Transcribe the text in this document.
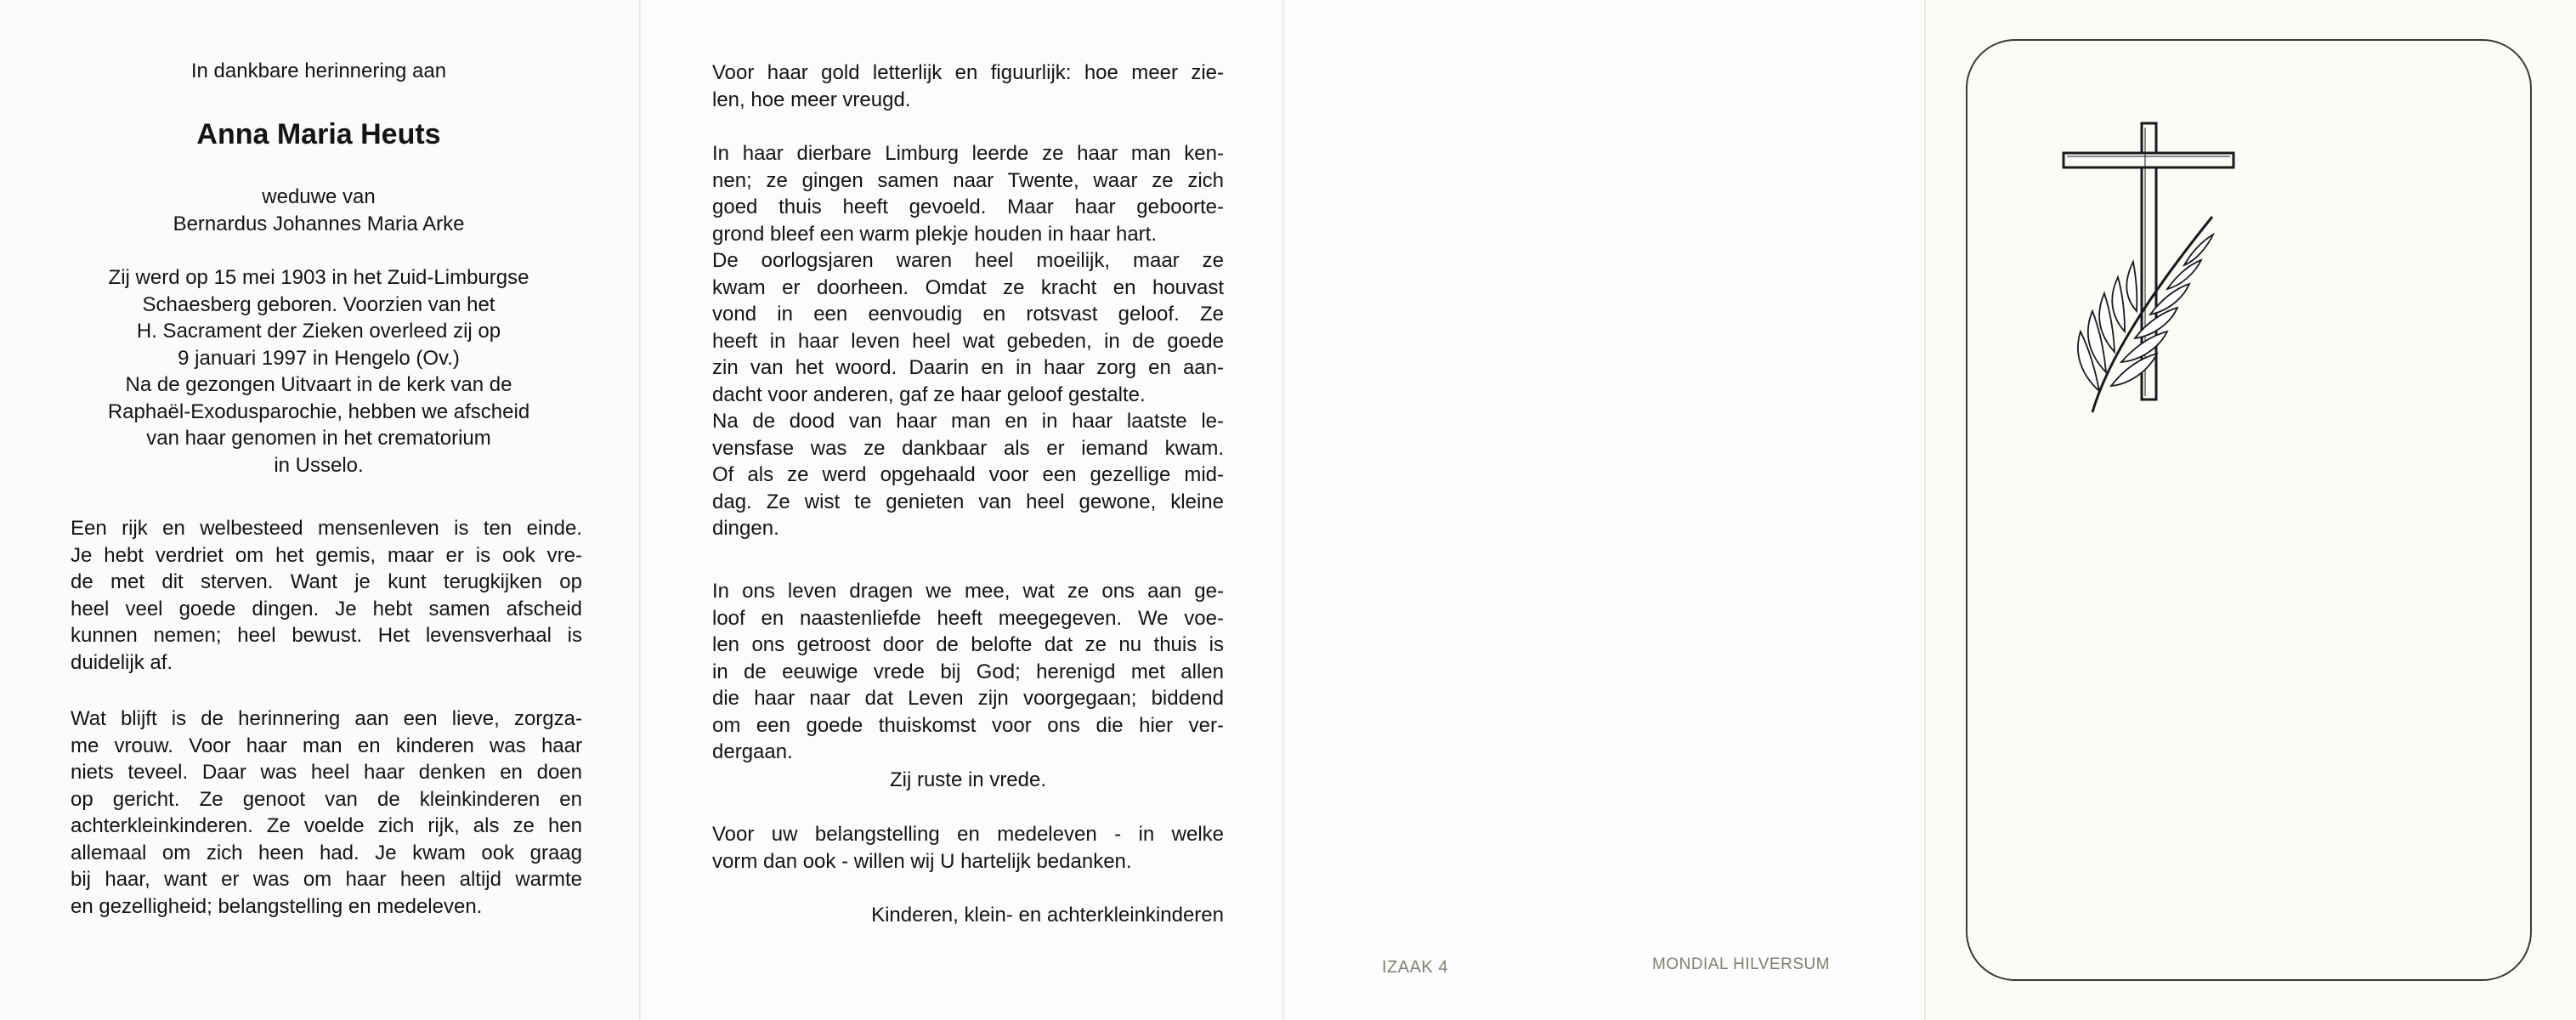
In dankbare herinnering aan
Anna Maria Heuts
weduwe van
Bernardus Johannes Maria Arke
Zij werd op 15 mei 1903 in het Zuid-Limburgse
Schaesberg geboren. Voorzien van het
H. Sacrament der Zieken overleed zij op
9 januari 1997 in Hengelo (Ov.)
Na de gezongen Uitvaart in de kerk van de
Raphaël-Exodusparochie, hebben we afscheid
van haar genomen in het crematorium
in Usselo.
Een rijk en welbesteed mensenleven is ten einde.
Je hebt verdriet om het gemis, maar er is ook vre-
de met dit sterven. Want je kunt terugkijken op
heel veel goede dingen. Je hebt samen afscheid
kunnen nemen; heel bewust. Het levensverhaal is
duidelijk af.
Wat blijft is de herinnering aan een lieve, zorgza-
me vrouw. Voor haar man en kinderen was haar
niets teveel. Daar was heel haar denken en doen
op gericht. Ze genoot van de kleinkinderen en
achterkleinkinderen. Ze voelde zich rijk, als ze hen
allemaal om zich heen had. Je kwam ook graag
bij haar, want er was om haar heen altijd warmte
en gezelligheid; belangstelling en medeleven.
Voor haar gold letterlijk en figuurlijk: hoe meer zie-
len, hoe meer vreugd.
In haar dierbare Limburg leerde ze haar man ken-
nen; ze gingen samen naar Twente, waar ze zich
goed thuis heeft gevoeld. Maar haar geboorte-
grond bleef een warm plekje houden in haar hart.
De oorlogsjaren waren heel moeilijk, maar ze
kwam er doorheen. Omdat ze kracht en houvast
vond in een eenvoudig en rotsvast geloof. Ze
heeft in haar leven heel wat gebeden, in de goede
zin van het woord. Daarin en in haar zorg en aan-
dacht voor anderen, gaf ze haar geloof gestalte.
Na de dood van haar man en in haar laatste le-
vensfase was ze dankbaar als er iemand kwam.
Of als ze werd opgehaald voor een gezellige mid-
dag. Ze wist te genieten van heel gewone, kleine
dingen.
In ons leven dragen we mee, wat ze ons aan ge-
loof en naastenliefde heeft meegegeven. We voe-
len ons getroost door de belofte dat ze nu thuis is
in de eeuwige vrede bij God; herenigd met allen
die haar naar dat Leven zijn voorgegaan; biddend
om een goede thuiskomst voor ons die hier ver-
dergaan.
Zij ruste in vrede.
Voor uw belangstelling en medeleven - in welke
vorm dan ook - willen wij U hartelijk bedanken.
Kinderen, klein- en achterkleinkinderen
IZAAK 4	MONDIAL HILVERSUM
